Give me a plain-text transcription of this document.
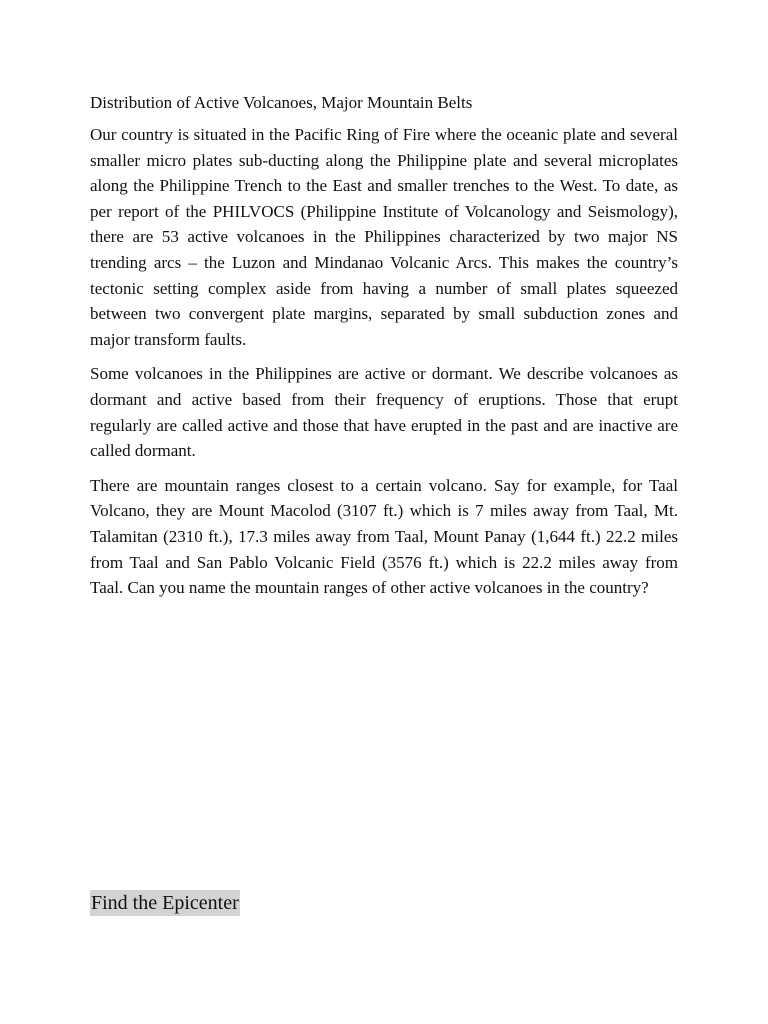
Distribution of Active Volcanoes, Major Mountain Belts

Our country is situated in the Pacific Ring of Fire where the oceanic plate and several smaller micro plates sub-ducting along the Philippine plate and several microplates along the Philippine Trench to the East and smaller trenches to the West. To date, as per report of the PHILVOCS (Philippine Institute of Volcanology and Seismology), there are 53 active volcanoes in the Philippines characterized by two major NS trending arcs – the Luzon and Mindanao Volcanic Arcs. This makes the country’s tectonic setting complex aside from having a number of small plates squeezed between two convergent plate margins, separated by small subduction zones and major transform faults.

Some volcanoes in the Philippines are active or dormant. We describe volcanoes as dormant and active based from their frequency of eruptions. Those that erupt regularly are called active and those that have erupted in the past and are inactive are called dormant.

There are mountain ranges closest to a certain volcano. Say for example, for Taal Volcano, they are Mount Macolod (3107 ft.) which is 7 miles away from Taal, Mt. Talamitan (2310 ft.), 17.3 miles away from Taal, Mount Panay (1,644 ft.) 22.2 miles from Taal and San Pablo Volcanic Field (3576 ft.) which is 22.2 miles away from Taal. Can you name the mountain ranges of other active volcanoes in the country?

Find the Epicenter
